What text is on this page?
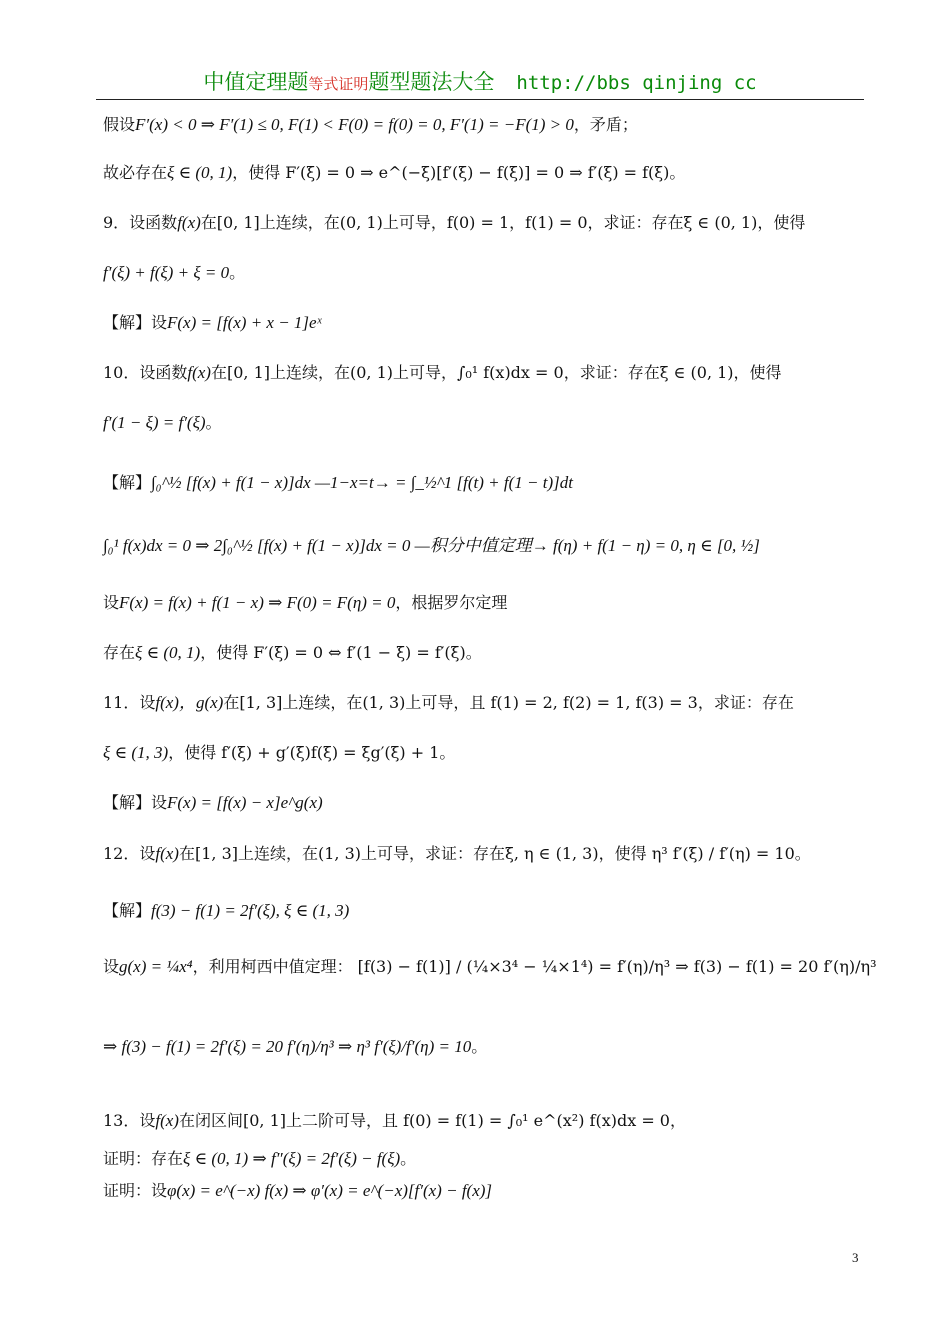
中值定理题等式证明题型题法大全 http://bbs qinjing cc
假设F′(x) < 0 ⇒ F′(1) ≤ 0, F(1) < F(0) = f(0) = 0, F′(1) = −F(1) > 0，矛盾；
故必存在ξ ∈ (0, 1)，使得 F′(ξ) = 0 ⇒ e^(−ξ)[f′(ξ) − f(ξ)] = 0 ⇒ f′(ξ) = f(ξ)。
9．设函数f(x)在[0, 1]上连续，在(0, 1)上可导，f(0) = 1，f(1) = 0，求证：存在ξ ∈ (0, 1)，使得
f′(ξ) + f(ξ) + ξ = 0。
【解】设F(x) = [f(x) + x − 1]eˣ
10．设函数f(x)在[0, 1]上连续，在(0, 1)上可导，∫₀¹ f(x)dx = 0，求证：存在ξ ∈ (0, 1)，使得
f′(1 − ξ) = f′(ξ)。
【解】∫₀^½ [f(x) + f(1 − x)]dx —1−x=t→ = ∫_½^1 [f(t) + f(1 − t)]dt
∫₀¹ f(x)dx = 0 ⇒ 2∫₀^½ [f(x) + f(1 − x)]dx = 0 —积分中值定理→ f(η) + f(1 − η) = 0, η ∈ [0, ½]
设F(x) = f(x) + f(1 − x) ⇒ F(0) = F(η) = 0，根据罗尔定理
存在ξ ∈ (0, 1)，使得 F′(ξ) = 0 ⇔ f′(1 − ξ) = f′(ξ)。
11．设f(x)，g(x)在[1, 3]上连续，在(1, 3)上可导，且 f(1) = 2, f(2) = 1, f(3) = 3，求证：存在
ξ ∈ (1, 3)，使得 f′(ξ) + g′(ξ)f(ξ) = ξg′(ξ) + 1。
【解】设F(x) = [f(x) − x]e^g(x)
12．设f(x)在[1, 3]上连续，在(1, 3)上可导，求证：存在ξ, η ∈ (1, 3)，使得 η³ f′(ξ) / f′(η) = 10。
【解】f(3) − f(1) = 2f′(ξ), ξ ∈ (1, 3)
设g(x) = ¼x⁴，利用柯西中值定理： [f(3) − f(1)] / (¼×3⁴ − ¼×1⁴) = f′(η)/η³ ⇒ f(3) − f(1) = 20 f′(η)/η³
⇒ f(3) − f(1) = 2f′(ξ) = 20 f′(η)/η³ ⇒ η³ f′(ξ)/f′(η) = 10。
13．设f(x)在闭区间[0, 1]上二阶可导，且 f(0) = f(1) = ∫₀¹ e^(x²) f(x)dx = 0，
证明：存在ξ ∈ (0, 1) ⇒ f″(ξ) = 2f′(ξ) − f(ξ)。
证明：设φ(x) = e^(−x) f(x) ⇒ φ′(x) = e^(−x)[f′(x) − f(x)]
3
